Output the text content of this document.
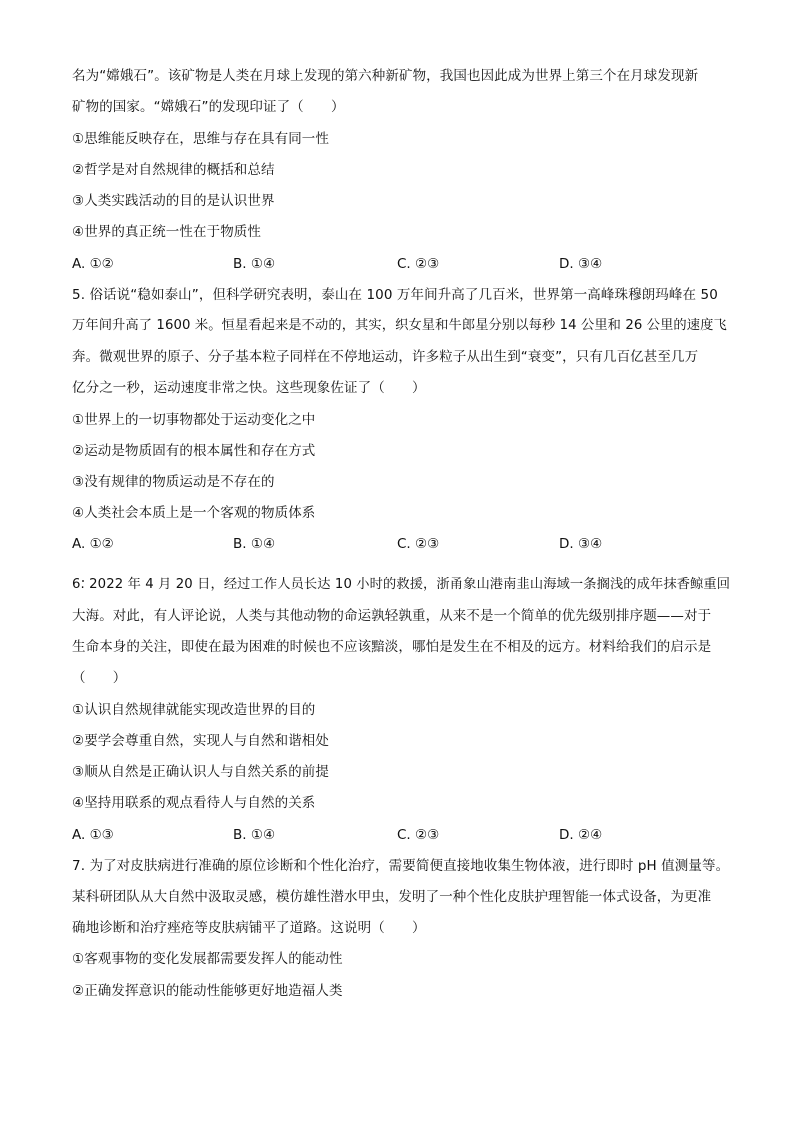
名为“嫦娥石”。该矿物是人类在月球上发现的第六种新矿物，我国也因此成为世界上第三个在月球发现新
矿物的国家。“嫦娥石”的发现印证了（　　）
①思维能反映存在，思维与存在具有同一性
②哲学是对自然规律的概括和总结
③人类实践活动的目的是认识世界
④世界的真正统一性在于物质性
A. ①②	B. ①④	C. ②③	D. ③④
5. 俗话说“稳如泰山”，但科学研究表明，泰山在 100 万年间升高了几百米，世界第一高峰珠穆朗玛峰在 50
万年间升高了 1600 米。恒星看起来是不动的，其实，织女星和牛郎星分别以每秒 14 公里和 26 公里的速度飞
奔。微观世界的原子、分子基本粒子同样在不停地运动，许多粒子从出生到“衰变”，只有几百亿甚至几万
亿分之一秒，运动速度非常之快。这些现象佐证了（　　）
①世界上的一切事物都处于运动变化之中
②运动是物质固有的根本属性和存在方式
③没有规律的物质运动是不存在的
④人类社会本质上是一个客观的物质体系
A. ①②	B. ①④	C. ②③	D. ③④
6. 2022 年 4 月 20 日，经过工作人员长达 10 小时的救援，浙甬象山港南韭山海域一条搁浅的成年抹香鲸重回
大海。对此，有人评论说，人类与其他动物的命运孰轻孰重，从来不是一个简单的优先级别排序题——对于
生命本身的关注，即使在最为困难的时候也不应该黯淡，哪怕是发生在不相及的远方。材料给我们的启示是
（　　）
①认识自然规律就能实现改造世界的目的
②要学会尊重自然，实现人与自然和谐相处
③顺从自然是正确认识人与自然关系的前提
④坚持用联系的观点看待人与自然的关系
A. ①③	B. ①④	C. ②③	D. ②④
7. 为了对皮肤病进行准确的原位诊断和个性化治疗，需要简便直接地收集生物体液，进行即时 pH 值测量等。
某科研团队从大自然中汲取灵感，模仿雄性潜水甲虫，发明了一种个性化皮肤护理智能一体式设备，为更准
确地诊断和治疗痤疮等皮肤病铺平了道路。这说明（　　）
①客观事物的变化发展都需要发挥人的能动性
②正确发挥意识的能动性能够更好地造福人类
